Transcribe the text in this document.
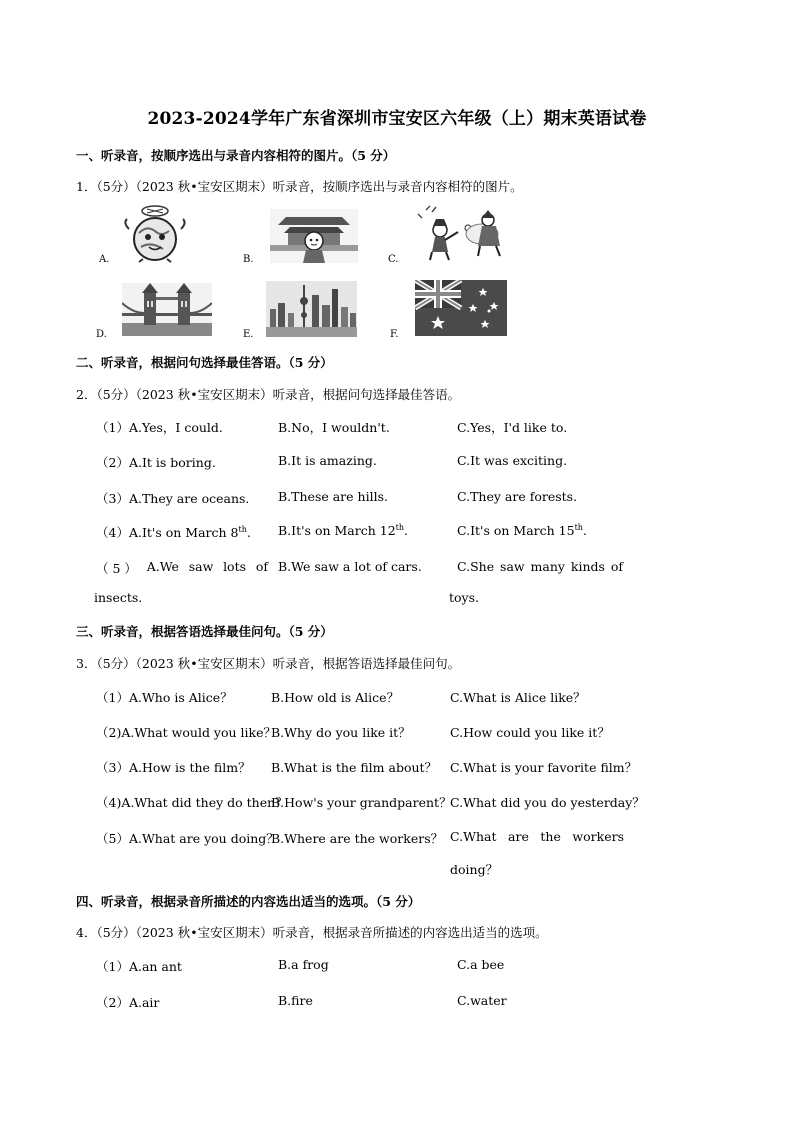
2023-2024学年广东省深圳市宝安区六年级（上）期末英语试卷
一、听录音，按顺序选出与录音内容相符的图片。（5 分）
1．（5分）（2023 秋•宝安区期末）听录音，按顺序选出与录音内容相符的图片。
A.	B.	C.
D.	E.	F.
二、听录音，根据问句选择最佳答语。（5 分）
2．（5分）（2023 秋•宝安区期末）听录音，根据问句选择最佳答语。
（1）A.Yes，I could.	B.No，I wouldn't.	C.Yes，I'd like to.
（2）A.It is boring.	B.It is amazing.	C.It was exciting.
（3）A.They are oceans. B.These are hills.	C.They are forests.
（4）A.It's on March 8th. B.It's on March 12th.	C.It's on March 15th.
（ 5 ） A.We saw lots of B.We saw a lot of cars.	C.She saw many kinds of
insects.	toys.
三、听录音，根据答语选择最佳问句。（5 分）
3．（5分）（2023 秋•宝安区期末）听录音，根据答语选择最佳问句。
（1）A.Who is Alice？	B.How old is Alice？	C.What is Alice like？
（2)A.What would you like？
B.Why do you like it？	C.How could you like it？
（3）A.How is the film？ B.What is the film about？ C.What is your favorite film？
（4)A.What did they do then？
B.How's your grandparent？
C.What did you do yesterday？
（5）A.What are you doing？
B.Where are the workers？ C.What are the workers
doing？
四、听录音，根据录音所描述的内容选出适当的选项。（5 分）
4．（5分）（2023 秋•宝安区期末）听录音，根据录音所描述的内容选出适当的选项。
（1）A.an ant	B.a frog	C.a bee
（2）A.air	B.fire	C.water
